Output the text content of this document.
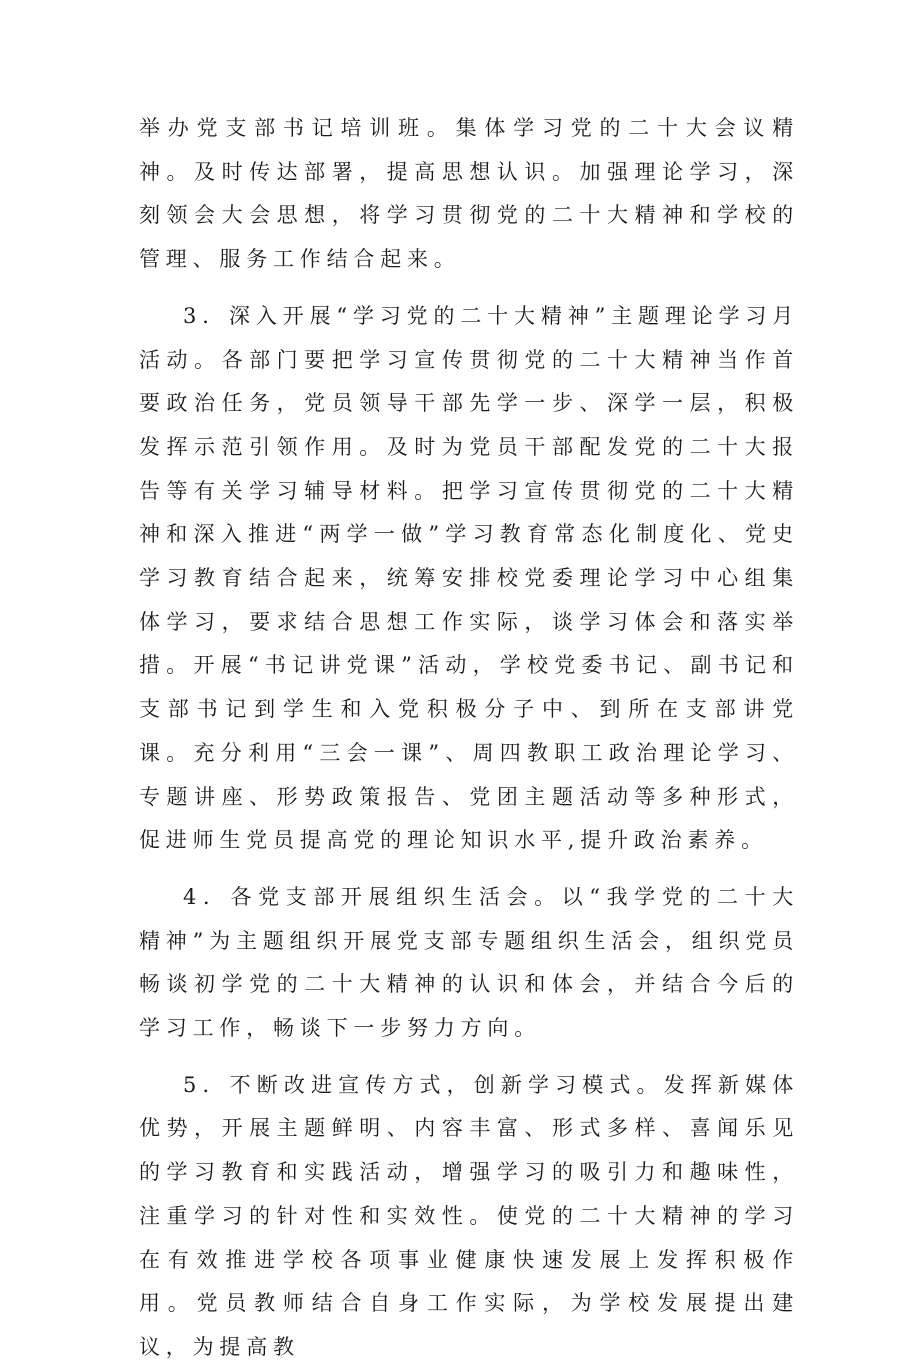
举办党支部书记培训班。集体学习党的二十大会议精神。及时传达部署，提高思想认识。加强理论学习，深刻领会大会思想，将学习贯彻党的二十大精神和学校的管理、服务工作结合起来。

3．深入开展“学习党的二十大精神”主题理论学习月活动。各部门要把学习宣传贯彻党的二十大精神当作首要政治任务，党员领导干部先学一步、深学一层，积极发挥示范引领作用。及时为党员干部配发党的二十大报告等有关学习辅导材料。把学习宣传贯彻党的二十大精神和深入推进“两学一做”学习教育常态化制度化、党史学习教育结合起来，统筹安排校党委理论学习中心组集体学习，要求结合思想工作实际，谈学习体会和落实举措。开展“书记讲党课”活动，学校党委书记、副书记和支部书记到学生和入党积极分子中、到所在支部讲党课。充分利用“三会一课”、周四教职工政治理论学习、专题讲座、形势政策报告、党团主题活动等多种形式，促进师生党员提高党的理论知识水平,提升政治素养。

4．各党支部开展组织生活会。以“我学党的二十大精神”为主题组织开展党支部专题组织生活会，组织党员畅谈初学党的二十大精神的认识和体会，并结合今后的学习工作，畅谈下一步努力方向。

5．不断改进宣传方式，创新学习模式。发挥新媒体优势，开展主题鲜明、内容丰富、形式多样、喜闻乐见的学习教育和实践活动，增强学习的吸引力和趣味性，注重学习的针对性和实效性。使党的二十大精神的学习在有效推进学校各项事业健康快速发展上发挥积极作用。党员教师结合自身工作实际，为学校发展提出建议，为提高教
